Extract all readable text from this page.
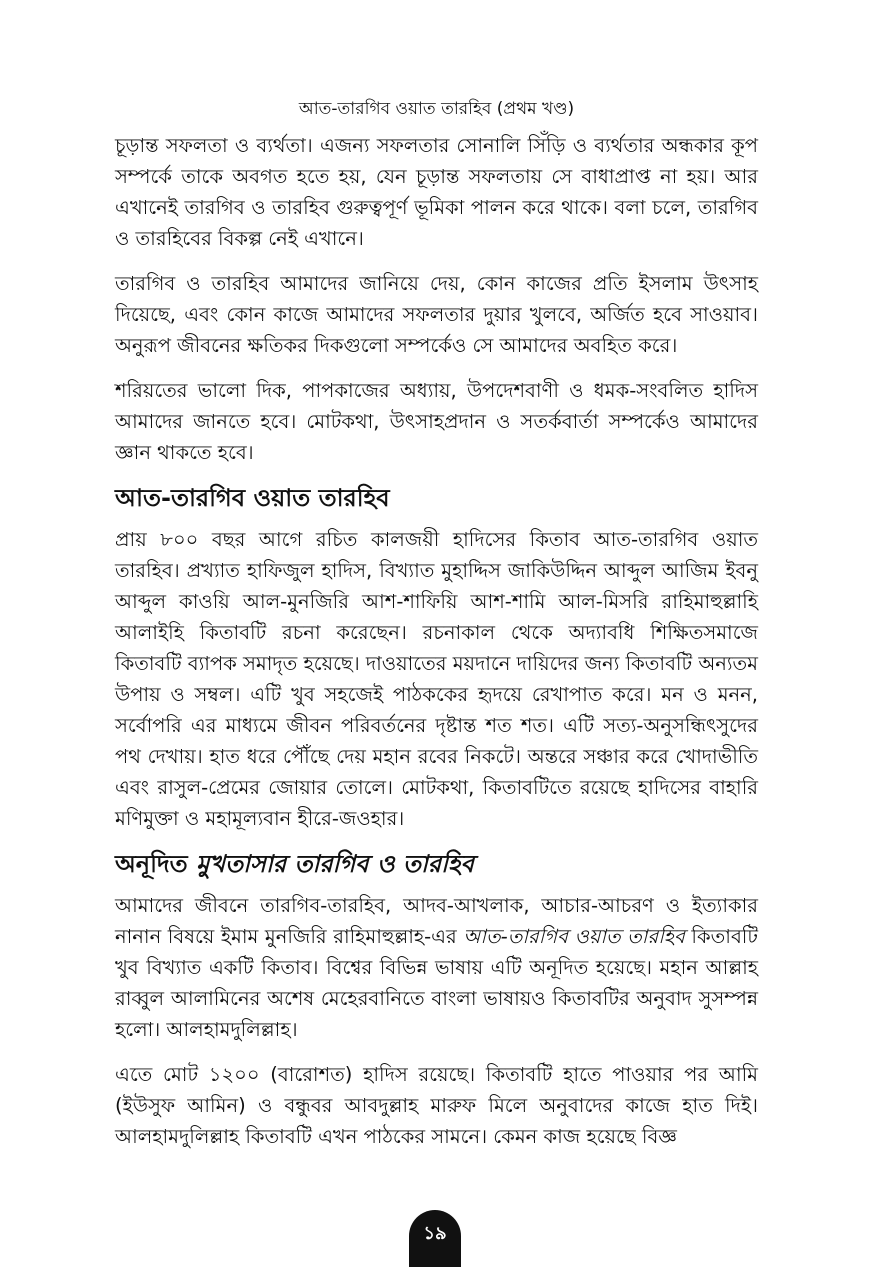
আত-তারগিব ওয়াত তারহিব (প্রথম খণ্ড)

চূড়ান্ত সফলতা ও ব্যর্থতা। এজন্য সফলতার সোনালি সিঁড়ি ও ব্যর্থতার অন্ধকার কূপ সম্পর্কে তাকে অবগত হতে হয়, যেন চূড়ান্ত সফলতায় সে বাধাপ্রাপ্ত না হয়। আর এখানেই তারগিব ও তারহিব গুরুত্বপূর্ণ ভূমিকা পালন করে থাকে। বলা চলে, তারগিব ও তারহিবের বিকল্প নেই এখানে।

তারগিব ও তারহিব আমাদের জানিয়ে দেয়, কোন কাজের প্রতি ইসলাম উৎসাহ দিয়েছে, এবং কোন কাজে আমাদের সফলতার দুয়ার খুলবে, অর্জিত হবে সাওয়াব। অনুরূপ জীবনের ক্ষতিকর দিকগুলো সম্পর্কেও সে আমাদের অবহিত করে।

শরিয়তের ভালো দিক, পাপকাজের অধ্যায়, উপদেশবাণী ও ধমক-সংবলিত হাদিস আমাদের জানতে হবে। মোটকথা, উৎসাহপ্রদান ও সতর্কবার্তা সম্পর্কেও আমাদের জ্ঞান থাকতে হবে।

আত-তারগিব ওয়াত তারহিব

প্রায় ৮০০ বছর আগে রচিত কালজয়ী হাদিসের কিতাব আত-তারগিব ওয়াত তারহিব। প্রখ্যাত হাফিজুল হাদিস, বিখ্যাত মুহাদ্দিস জাকিউদ্দিন আব্দুল আজিম ইবনু আব্দুল কাওয়ি আল-মুনজিরি আশ-শাফিয়ি আশ-শামি আল-মিসরি রাহিমাহুল্লাহি আলাইহি কিতাবটি রচনা করেছেন। রচনাকাল থেকে অদ্যাবধি শিক্ষিতসমাজে কিতাবটি ব্যাপক সমাদৃত হয়েছে। দাওয়াতের ময়দানে দায়িদের জন্য কিতাবটি অন্যতম উপায় ও সম্বল। এটি খুব সহজেই পাঠককের হৃদয়ে রেখাপাত করে। মন ও মনন, সর্বোপরি এর মাধ্যমে জীবন পরিবর্তনের দৃষ্টান্ত শত শত। এটি সত্য-অনুসন্ধিৎসুদের পথ দেখায়। হাত ধরে পৌঁছে দেয় মহান রবের নিকটে। অন্তরে সঞ্চার করে খোদাভীতি এবং রাসুল-প্রেমের জোয়ার তোলে। মোটকথা, কিতাবটিতে রয়েছে হাদিসের বাহারি মণিমুক্তা ও মহামূল্যবান হীরে-জওহার।

অনূদিত মুখতাসার তারগিব ও তারহিব

আমাদের জীবনে তারগিব-তারহিব, আদব-আখলাক, আচার-আচরণ ও ইত্যাকার নানান বিষয়ে ইমাম মুনজিরি রাহিমাহুল্লাহ-এর আত-তারগিব ওয়াত তারহিব কিতাবটি খুব বিখ্যাত একটি কিতাব। বিশ্বের বিভিন্ন ভাষায় এটি অনূদিত হয়েছে। মহান আল্লাহ রাব্বুল আলামিনের অশেষ মেহেরবানিতে বাংলা ভাষায়ও কিতাবটির অনুবাদ সুসম্পন্ন হলো। আলহামদুলিল্লাহ।

এতে মোট ১২০০ (বারোশত) হাদিস রয়েছে। কিতাবটি হাতে পাওয়ার পর আমি (ইউসুফ আমিন) ও বন্ধুবর আবদুল্লাহ মারুফ মিলে অনুবাদের কাজে হাত দিই। আলহামদুলিল্লাহ কিতাবটি এখন পাঠকের সামনে। কেমন কাজ হয়েছে বিজ্ঞ

১৯
